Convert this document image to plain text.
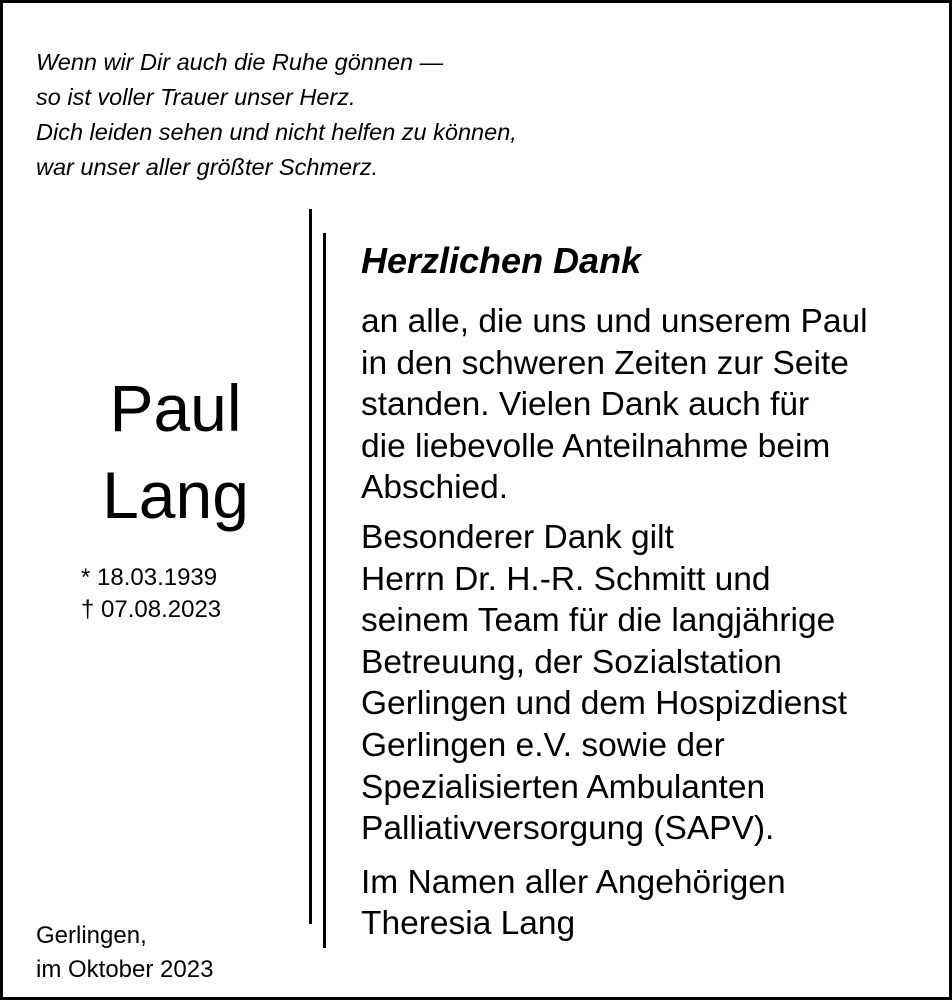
Wenn wir Dir auch die Ruhe gönnen —
so ist voller Trauer unser Herz.
Dich leiden sehen und nicht helfen zu können,
war unser aller größter Schmerz.
Paul
Lang
* 18.03.1939
† 07.08.2023
Gerlingen,
im Oktober 2023
Herzlichen Dank
an alle, die uns und unserem Paul
in den schweren Zeiten zur Seite
standen. Vielen Dank auch für
die liebevolle Anteilnahme beim
Abschied.
Besonderer Dank gilt
Herrn Dr. H.-R. Schmitt und
seinem Team für die langjährige
Betreuung, der Sozialstation
Gerlingen und dem Hospizdienst
Gerlingen e.V. sowie der
Spezialisierten Ambulanten
Palliativversorgung (SAPV).
Im Namen aller Angehörigen
Theresia Lang
